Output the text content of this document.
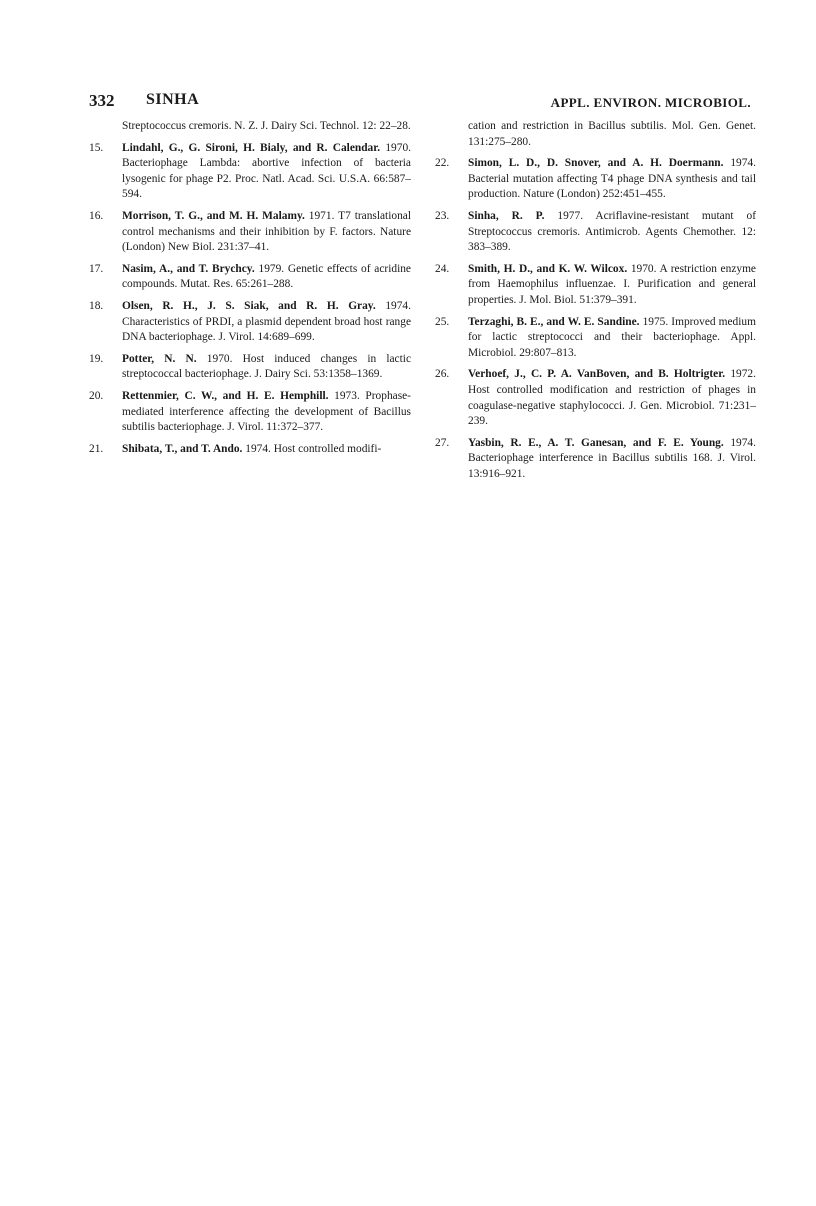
332 SINHA	APPL. ENVIRON. MICROBIOL.
Streptococcus cremoris. N. Z. J. Dairy Sci. Technol. 12: 22–28.
15. Lindahl, G., G. Sironi, H. Bialy, and R. Calendar. 1970. Bacteriophage Lambda: abortive infection of bacteria lysogenic for phage P2. Proc. Natl. Acad. Sci. U.S.A. 66:587–594.
16. Morrison, T. G., and M. H. Malamy. 1971. T7 translational control mechanisms and their inhibition by F. factors. Nature (London) New Biol. 231:37–41.
17. Nasim, A., and T. Brychcy. 1979. Genetic effects of acridine compounds. Mutat. Res. 65:261–288.
18. Olsen, R. H., J. S. Siak, and R. H. Gray. 1974. Characteristics of PRDI, a plasmid dependent broad host range DNA bacteriophage. J. Virol. 14:689–699.
19. Potter, N. N. 1970. Host induced changes in lactic streptococcal bacteriophage. J. Dairy Sci. 53:1358–1369.
20. Rettenmier, C. W., and H. E. Hemphill. 1973. Prophase-mediated interference affecting the development of Bacillus subtilis bacteriophage. J. Virol. 11:372–377.
21. Shibata, T., and T. Ando. 1974. Host controlled modifi-
cation and restriction in Bacillus subtilis. Mol. Gen. Genet. 131:275–280.
22. Simon, L. D., D. Snover, and A. H. Doermann. 1974. Bacterial mutation affecting T4 phage DNA synthesis and tail production. Nature (London) 252:451–455.
23. Sinha, R. P. 1977. Acriflavine-resistant mutant of Streptococcus cremoris. Antimicrob. Agents Chemother. 12: 383–389.
24. Smith, H. D., and K. W. Wilcox. 1970. A restriction enzyme from Haemophilus influenzae. I. Purification and general properties. J. Mol. Biol. 51:379–391.
25. Terzaghi, B. E., and W. E. Sandine. 1975. Improved medium for lactic streptococci and their bacteriophage. Appl. Microbiol. 29:807–813.
26. Verhoef, J., C. P. A. VanBoven, and B. Holtrigter. 1972. Host controlled modification and restriction of phages in coagulase-negative staphylococci. J. Gen. Microbiol. 71:231–239.
27. Yasbin, R. E., A. T. Ganesan, and F. E. Young. 1974. Bacteriophage interference in Bacillus subtilis 168. J. Virol. 13:916–921.
